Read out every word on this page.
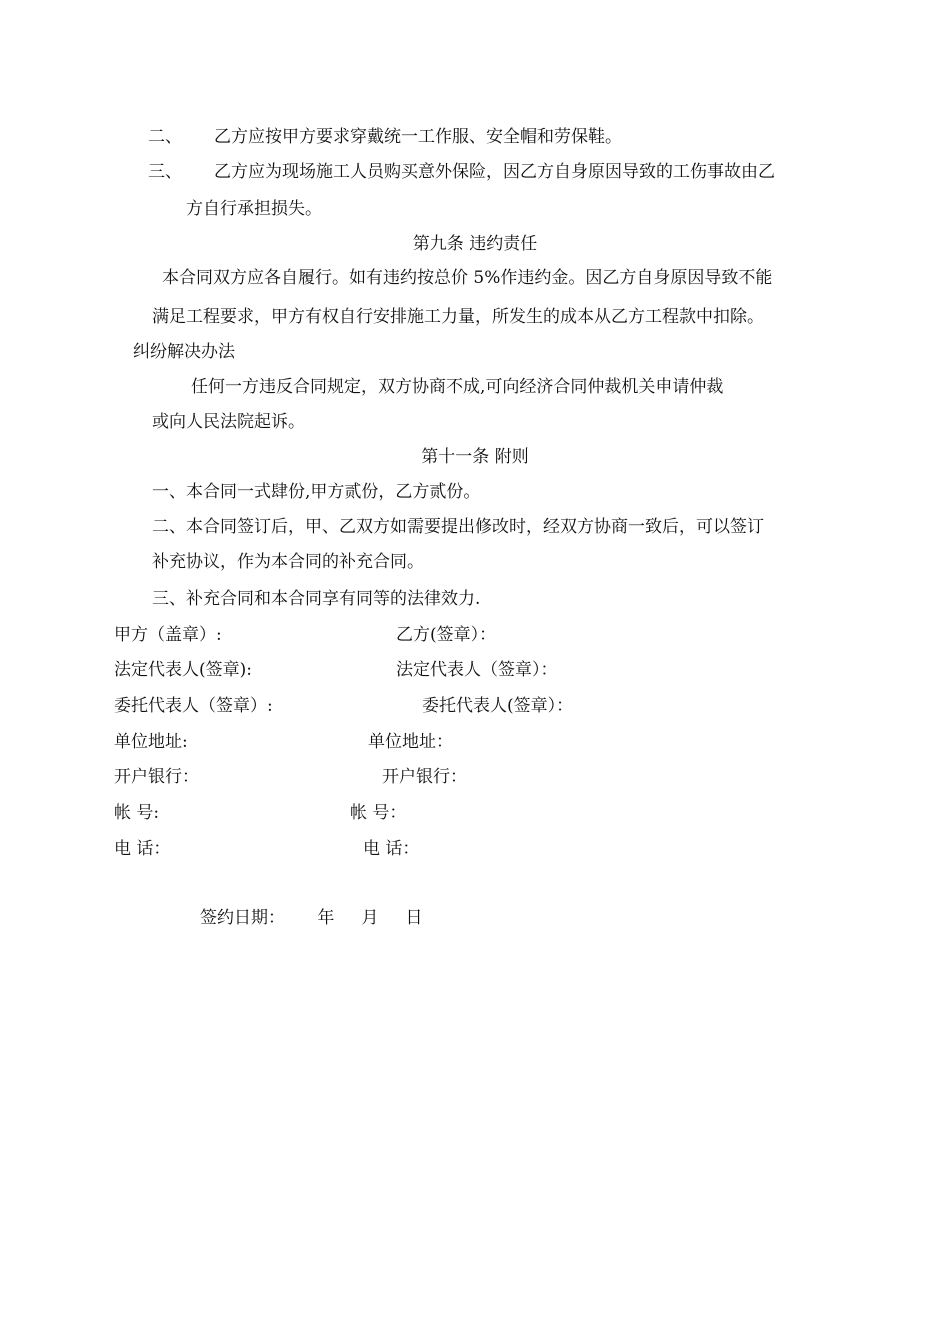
二、 乙方应按甲方要求穿戴统一工作服、安全帽和劳保鞋。
三、 乙方应为现场施工人员购买意外保险，因乙方自身原因导致的工伤事故由乙
方自行承担损失。
第九条 违约责任
本合同双方应各自履行。如有违约按总价 5%作违约金。因乙方自身原因导致不能
满足工程要求，甲方有权自行安排施工力量，所发生的成本从乙方工程款中扣除。
纠纷解决办法
任何一方违反合同规定，双方协商不成,可向经济合同仲裁机关申请仲裁
或向人民法院起诉。
第十一条 附则
一、本合同一式肆份,甲方贰份，乙方贰份。
二、本合同签订后，甲、乙双方如需要提出修改时，经双方协商一致后，可以签订
补充协议，作为本合同的补充合同。
三、补充合同和本合同享有同等的法律效力.
甲方（盖章）:
法定代表人(签章):
委托代表人（签章）:
单位地址:
开户银行：
帐 号:
电 话：
乙方(签章）：
法定代表人（签章）：
委托代表人(签章）：
单位地址：
开户银行：
帐 号：
电 话：
签约日期：      年     月     日
